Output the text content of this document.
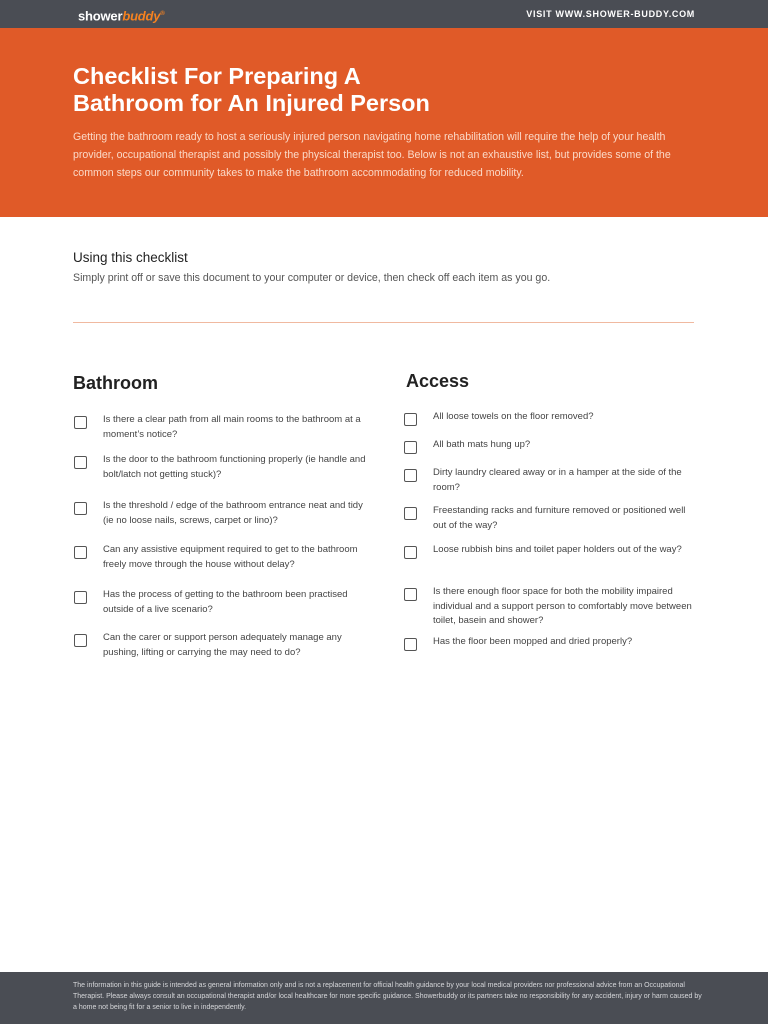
showerbuddy®	VISIT WWW.SHOWER-BUDDY.COM
Checklist For Preparing A
Bathroom for An Injured Person

Getting the bathroom ready to host a seriously injured person navigating home rehabilitation will require the help of your health provider, occupational therapist and possibly the physical therapist too. Below is not an exhaustive list, but provides some of the common steps our community takes to make the bathroom accommodating for reduced mobility.

Using this checklist

Simply print off or save this document to your computer or device, then check off each item as you go.

Bathroom
Is there a clear path from all main rooms to the bathroom at a moment’s notice?
Is the door to the bathroom functioning properly (ie handle and bolt/latch not getting stuck)?
Is the threshold / edge of the bathroom entrance neat and tidy (ie no loose nails, screws, carpet or lino)?
Can any assistive equipment required to get to the bathroom freely move through the house without delay?
Has the process of getting to the bathroom been practised outside of a live scenario?
Can the carer or support person adequately manage any pushing, lifting or carrying the may need to do?
Access
All loose towels on the floor removed?
All bath mats hung up?
Dirty laundry cleared away or in a hamper at the side of the room?
Freestanding racks and furniture removed or positioned well out of the way?
Loose rubbish bins and toilet paper holders out of the way?
Is there enough floor space for both the mobility impaired individual and a support person to comfortably move between toilet, basein and shower?
Has the floor been mopped and dried properly?

The information in this guide is intended as general information only and is not a replacement for official health guidance by your local medical providers nor professional advice from an Occupational Therapist. Please always consult an occupational therapist and/or local healthcare for more specific guidance. Showerbuddy or its partners take no responsibility for any accident, injury or harm caused by a home not being fit for a senior to live in independently.
